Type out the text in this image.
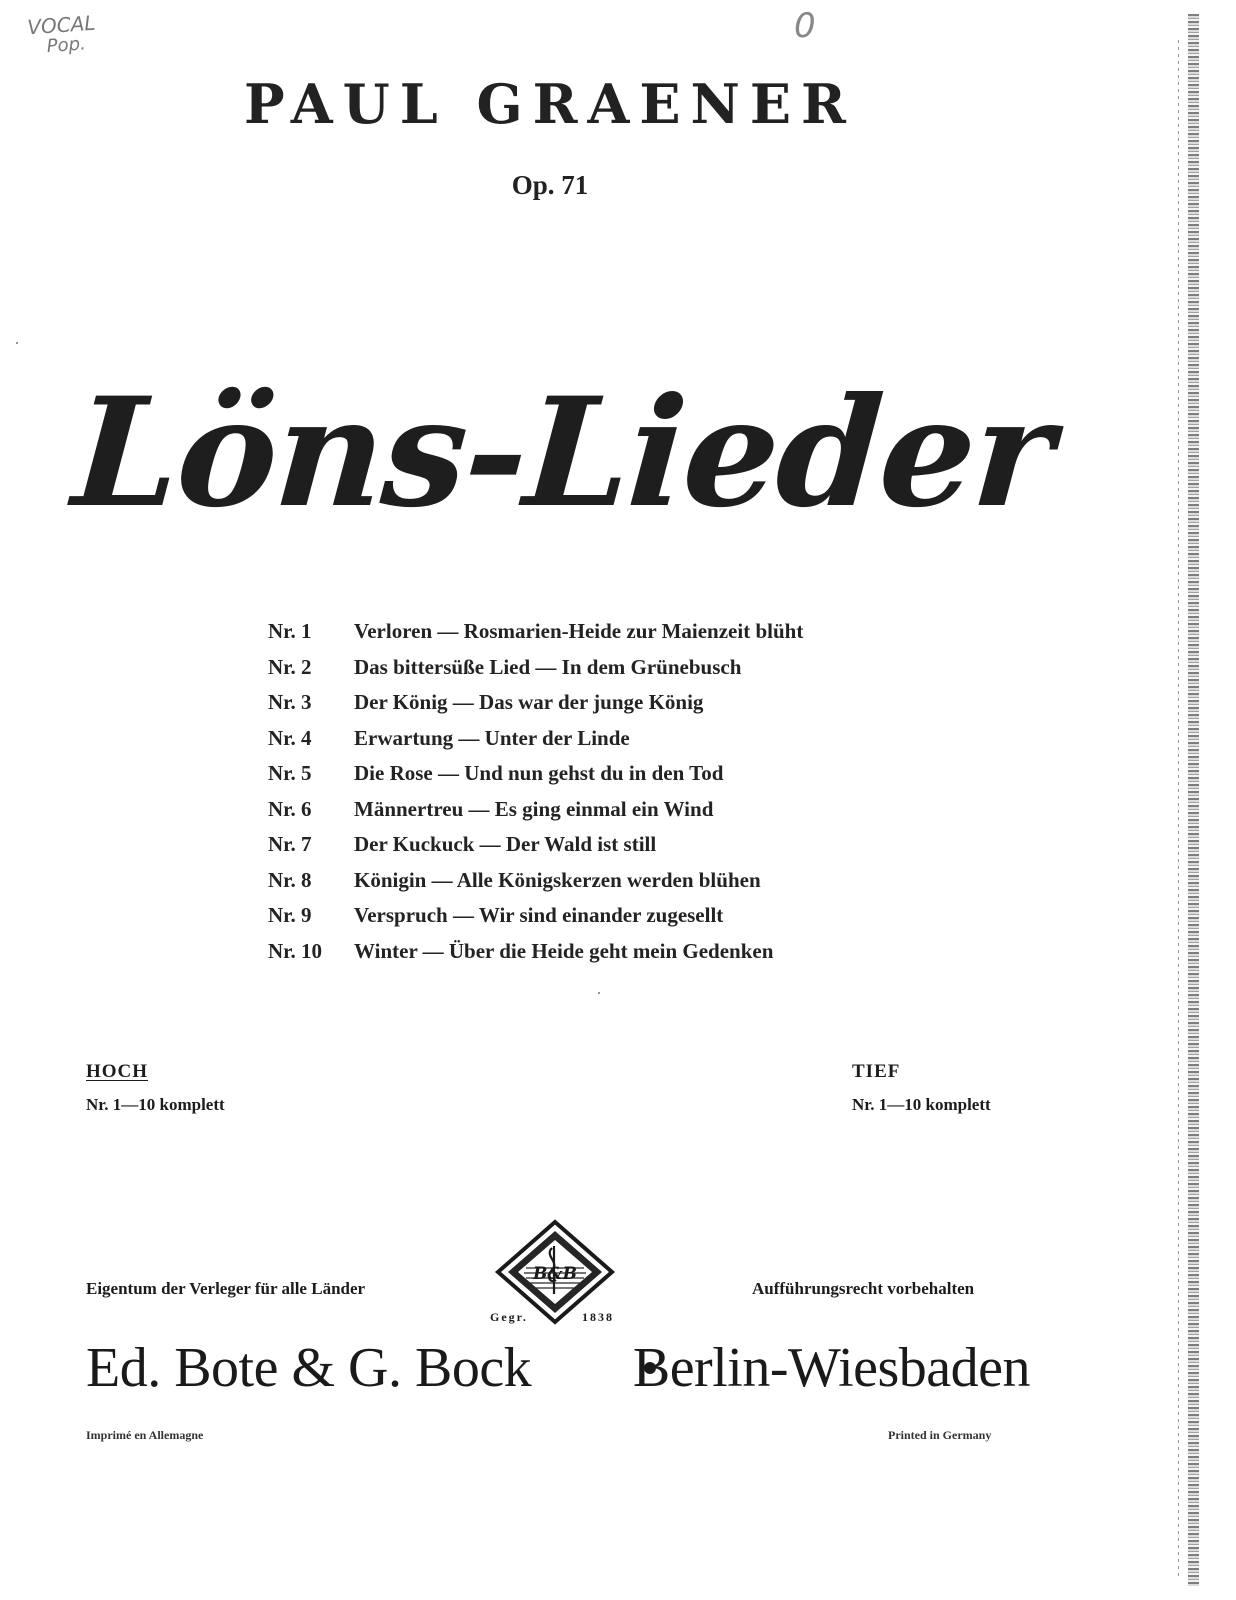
VOCAL
Pop.	0
PAUL GRAENER
Op. 71
Löns-Lieder
Nr. 1 Verloren — Rosmarien-Heide zur Maienzeit blüht
Nr. 2 Das bittersüße Lied — In dem Grünebusch
Nr. 3 Der König — Das war der junge König
Nr. 4 Erwartung — Unter der Linde
Nr. 5 Die Rose — Und nun gehst du in den Tod
Nr. 6 Männertreu — Es ging einmal ein Wind
Nr. 7 Der Kuckuck — Der Wald ist still
Nr. 8 Königin — Alle Königskerzen werden blühen
Nr. 9 Verspruch — Wir sind einander zugesellt
Nr. 10 Winter — Über die Heide geht mein Gedenken
HOCH
Nr. 1—10 komplett
TIEF
Nr. 1—10 komplett
Eigentum der Verleger für alle Länder	Aufführungsrecht vorbehalten
B&B
Gegr.	1838
Ed. Bote & G. Bock Berlin-Wiesbaden
Imprimé en Allemagne	Printed in Germany
